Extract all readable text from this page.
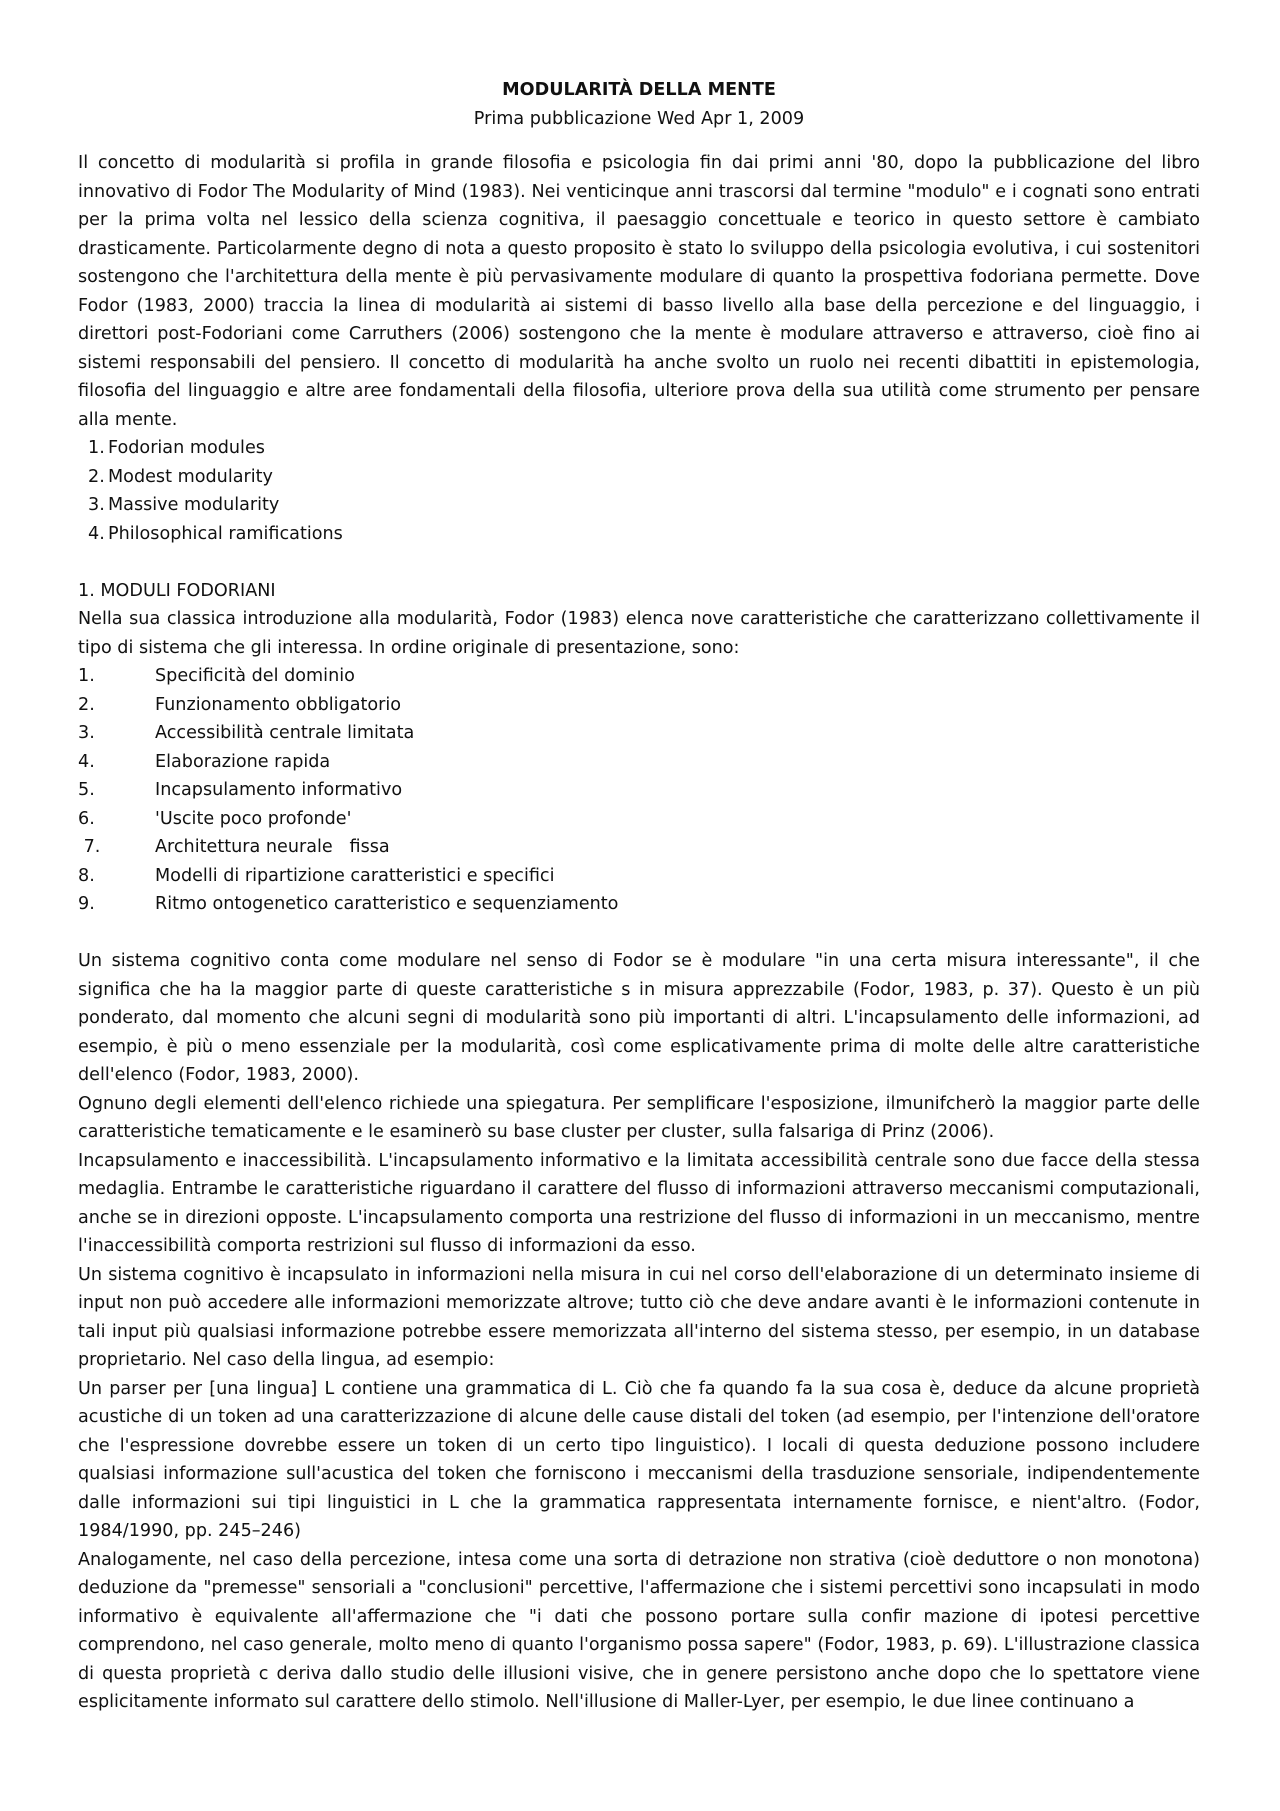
MODULARITÀ DELLA MENTE

Prima pubblicazione Wed Apr 1, 2009

Il concetto di modularità si profila in grande filosofia e psicologia fin dai primi anni '80, dopo la pubblicazione del libro innovativo di Fodor The Modularity of Mind (1983). Nei venticinque anni trascorsi dal termine "modulo" e i cognati sono entrati per la prima volta nel lessico della scienza cognitiva, il paesaggio concettuale e teorico in questo settore è cambiato drasticamente. Particolarmente degno di nota a questo proposito è stato lo sviluppo della psicologia evolutiva, i cui sostenitori sostengono che l'architettura della mente è più pervasivamente modulare di quanto la prospettiva fodoriana permette. Dove Fodor (1983, 2000) traccia la linea di modularità ai sistemi di basso livello alla base della percezione e del linguaggio, i direttori post-Fodoriani come Carruthers (2006) sostengono che la mente è modulare attraverso e attraverso, cioè fino ai sistemi responsabili del pensiero. Il concetto di modularità ha anche svolto un ruolo nei recenti dibattiti in epistemologia, filosofia del linguaggio e altre aree fondamentali della filosofia, ulteriore prova della sua utilità come strumento per pensare alla mente.

1. Fodorian modules
2. Modest modularity
3. Massive modularity
4. Philosophical ramifications

1. MODULI FODORIANI

Nella sua classica introduzione alla modularità, Fodor (1983) elenca nove caratteristiche che caratterizzano collettivamente il tipo di sistema che gli interessa. In ordine originale di presentazione, sono:

1.	Specificità del dominio
2.	Funzionamento obbligatorio
3.	Accessibilità centrale limitata
4.	Elaborazione rapida
5.	Incapsulamento informativo
6.	'Uscite poco profonde'
7.	Architettura neurale   fissa
8.	Modelli di ripartizione caratteristici e specifici
9.	Ritmo ontogenetico caratteristico e sequenziamento

Un sistema cognitivo conta come modulare nel senso di Fodor se è modulare "in una certa misura interessante", il che significa che ha la maggior parte di queste caratteristiche s in misura apprezzabile (Fodor, 1983, p. 37). Questo è un più ponderato, dal momento che alcuni segni di modularità sono più importanti di altri. L'incapsulamento delle informazioni, ad esempio, è più o meno essenziale per la modularità, così come esplicativamente prima di molte delle altre caratteristiche dell'elenco (Fodor, 1983, 2000).

Ognuno degli elementi dell'elenco richiede una spiegatura. Per semplificare l'esposizione, ilmunifcherò la maggior parte delle caratteristiche tematicamente e le esaminerò su base cluster per cluster, sulla falsariga di Prinz (2006).

Incapsulamento e inaccessibilità. L'incapsulamento informativo e la limitata accessibilità centrale sono due facce della stessa medaglia. Entrambe le caratteristiche riguardano il carattere del flusso di informazioni attraverso meccanismi computazionali, anche se in direzioni opposte. L'incapsulamento comporta una restrizione del flusso di informazioni in un meccanismo, mentre l'inaccessibilità comporta restrizioni sul flusso di informazioni da esso.

Un sistema cognitivo è incapsulato in informazioni nella misura in cui nel corso dell'elaborazione di un determinato insieme di input non può accedere alle informazioni memorizzate altrove; tutto ciò che deve andare avanti è le informazioni contenute in tali input più qualsiasi informazione potrebbe essere memorizzata all'interno del sistema stesso, per esempio, in un database proprietario. Nel caso della lingua, ad esempio:

Un parser per [una lingua] L contiene una grammatica di L. Ciò che fa quando fa la sua cosa è, deduce da alcune proprietà acustiche di un token ad una caratterizzazione di alcune delle cause distali del token (ad esempio, per l'intenzione dell'oratore che l'espressione dovrebbe essere un token di un certo tipo linguistico). I locali di questa deduzione possono includere qualsiasi informazione sull'acustica del token che forniscono i meccanismi della trasduzione sensoriale, indipendentemente dalle informazioni sui tipi linguistici in L che la grammatica rappresentata internamente fornisce, e nient'altro. (Fodor, 1984/1990, pp. 245–246)

Analogamente, nel caso della percezione, intesa come una sorta di detrazione non strativa (cioè deduttore o non monotona) deduzione da "premesse" sensoriali a "conclusioni" percettive, l'affermazione che i sistemi percettivi sono incapsulati in modo informativo è equivalente all'affermazione che "i dati che possono portare sulla confir mazione di ipotesi percettive comprendono, nel caso generale, molto meno di quanto l'organismo possa sapere" (Fodor, 1983, p. 69). L'illustrazione classica di questa proprietà c deriva dallo studio delle illusioni visive, che in genere persistono anche dopo che lo spettatore viene esplicitamente informato sul carattere dello stimolo. Nell'illusione di Maller-Lyer, per esempio, le due linee continuano a
